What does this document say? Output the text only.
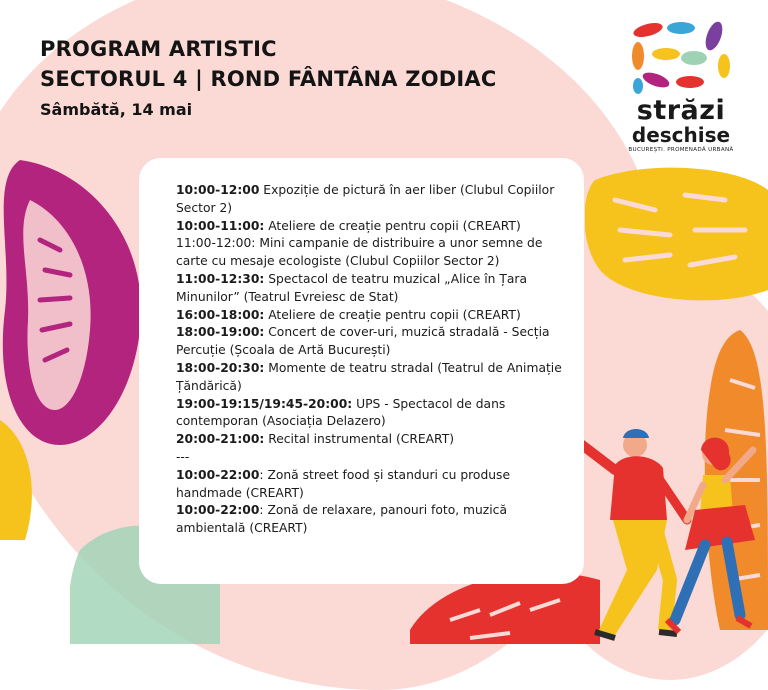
PROGRAM ARTISTIC
SECTORUL 4 | ROND FÂNTÂNA ZODIAC
Sâmbătă, 14 mai	străzi
deschise
BUCUREȘTI. PROMENADĂ URBANĂ

10:00-12:00 Expoziție de pictură în aer liber (Clubul Copiilor Sector 2)

10:00-11:00: Ateliere de creație pentru copii (CREART)

11:00-12:00: Mini campanie de distribuire a unor semne de carte cu mesaje ecologiste (Clubul Copiilor Sector 2)

11:00-12:30: Spectacol de teatru muzical „Alice în Țara Minunilor” (Teatrul Evreiesc de Stat)

16:00-18:00: Ateliere de creație pentru copii (CREART)

18:00-19:00: Concert de cover-uri, muzică stradală - Secția Percuție (Școala de Artă București)

18:00-20:30: Momente de teatru stradal (Teatrul de Animație Țăndărică)

19:00-19:15/19:45-20:00: UPS - Spectacol de dans contemporan (Asociația Delazero)

20:00-21:00: Recital instrumental (CREART)

---

10:00-22:00: Zonă street food și standuri cu produse handmade (CREART)

10:00-22:00: Zonă de relaxare, panouri foto, muzică ambientală (CREART)
